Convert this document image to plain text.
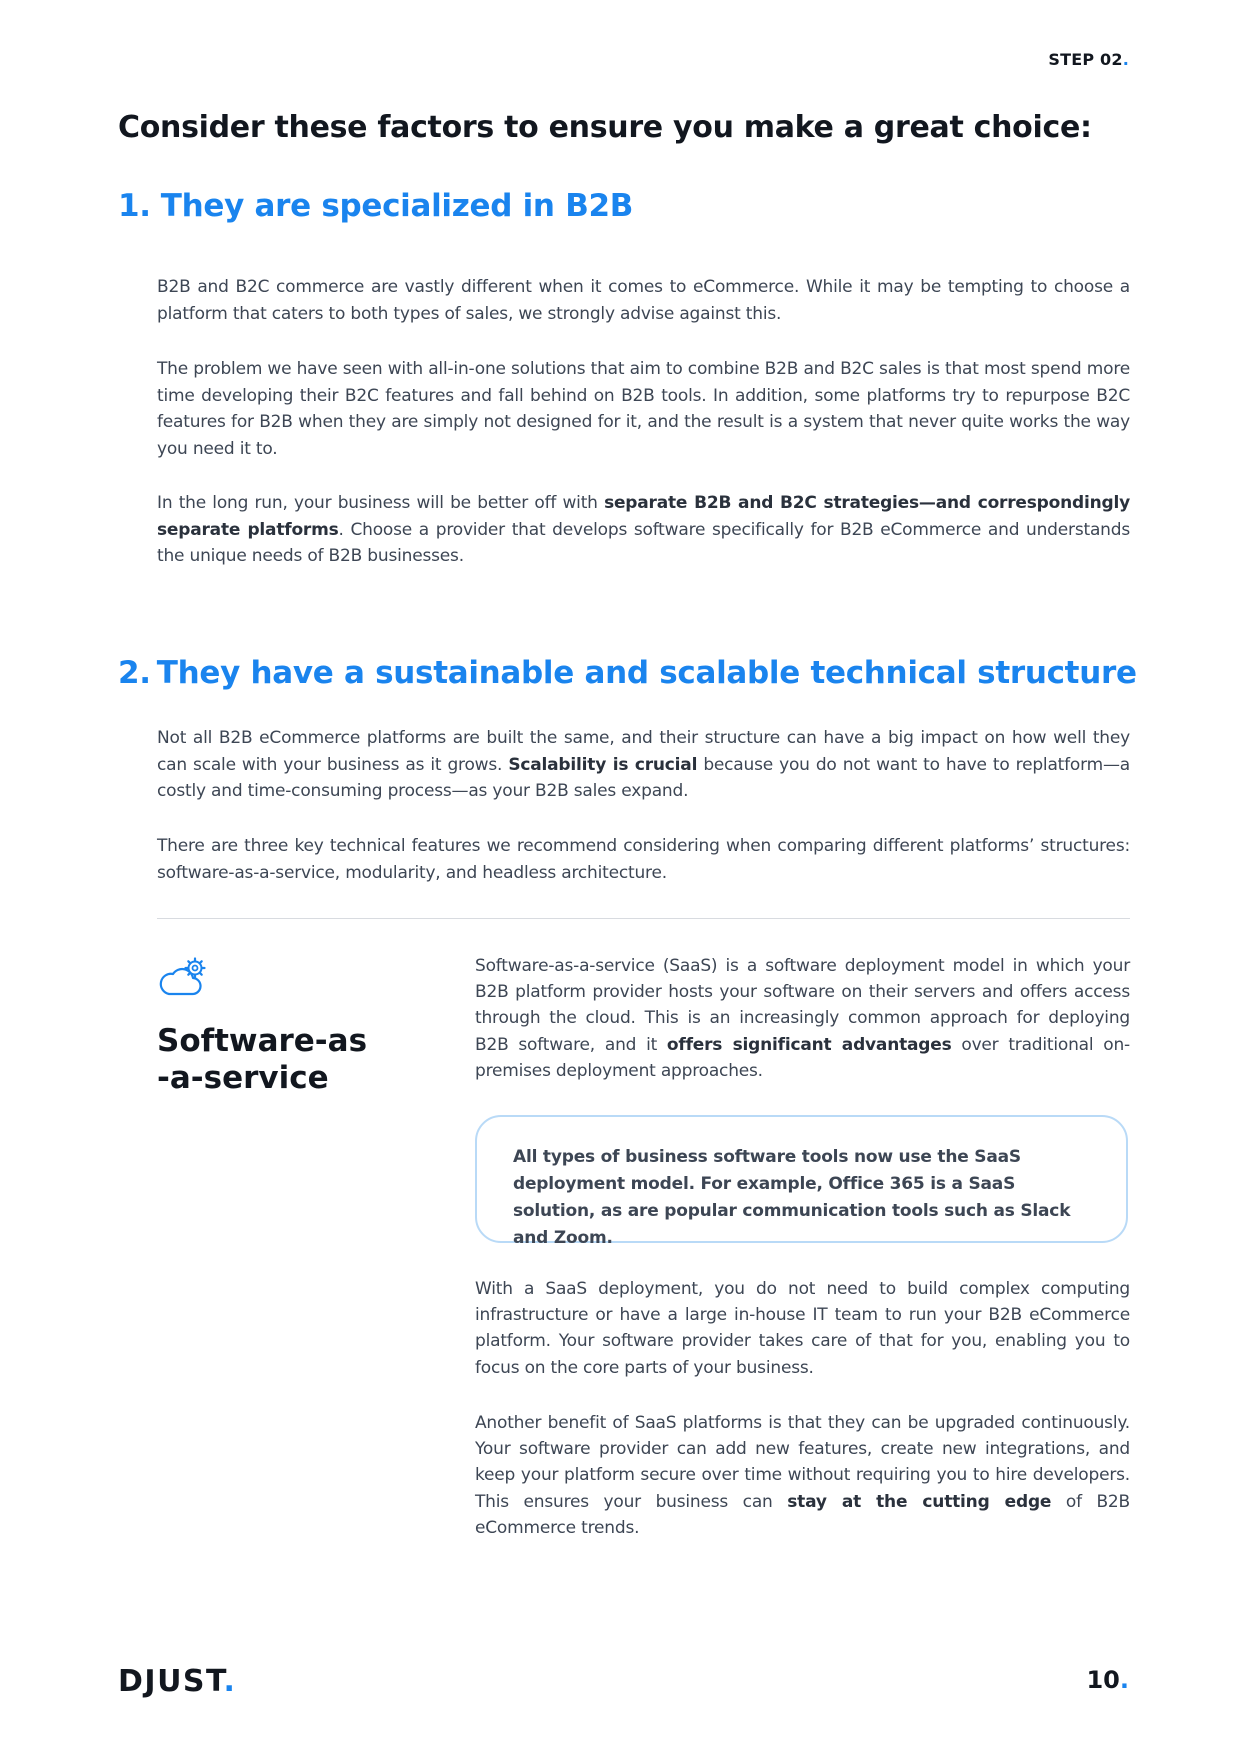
STEP 02.
Consider these factors to ensure you make a great choice:
1. They are specialized in B2B

B2B and B2C commerce are vastly different when it comes to eCommerce. While it may be tempting to choose a platform that caters to both types of sales, we strongly advise against this.

The problem we have seen with all-in-one solutions that aim to combine B2B and B2C sales is that most spend more time developing their B2C features and fall behind on B2B tools. In addition, some platforms try to repurpose B2C features for B2B when they are simply not designed for it, and the result is a system that never quite works the way you need it to.

In the long run, your business will be better off with separate B2B and B2C strategies—and correspondingly separate platforms. Choose a provider that develops software specifically for B2B eCommerce and understands the unique needs of B2B businesses.

2. They have a sustainable and scalable technical structure

Not all B2B eCommerce platforms are built the same, and their structure can have a big impact on how well they can scale with your business as it grows. Scalability is crucial because you do not want to have to replatform—a costly and time-consuming process—as your B2B sales expand.

There are three key technical features we recommend considering when comparing different platforms’ structures: software-as-a-service, modularity, and headless architecture.

Software-as
-a-service

Software-as-a-service (SaaS) is a software deployment model in which your B2B platform provider hosts your software on their servers and offers access through the cloud. This is an increasingly common approach for deploying B2B software, and it offers significant advantages over traditional on-premises deployment approaches.

All types of business software tools now use the SaaS deployment model. For example, Office 365 is a SaaS solution, as are popular communication tools such as Slack and Zoom.

With a SaaS deployment, you do not need to build complex computing infrastructure or have a large in-house IT team to run your B2B eCommerce platform. Your software provider takes care of that for you, enabling you to focus on the core parts of your business.

Another benefit of SaaS platforms is that they can be upgraded continuously. Your software provider can add new features, create new integrations, and keep your platform secure over time without requiring you to hire developers. This ensures your business can stay at the cutting edge of B2B eCommerce trends.

DJUST.	10.
